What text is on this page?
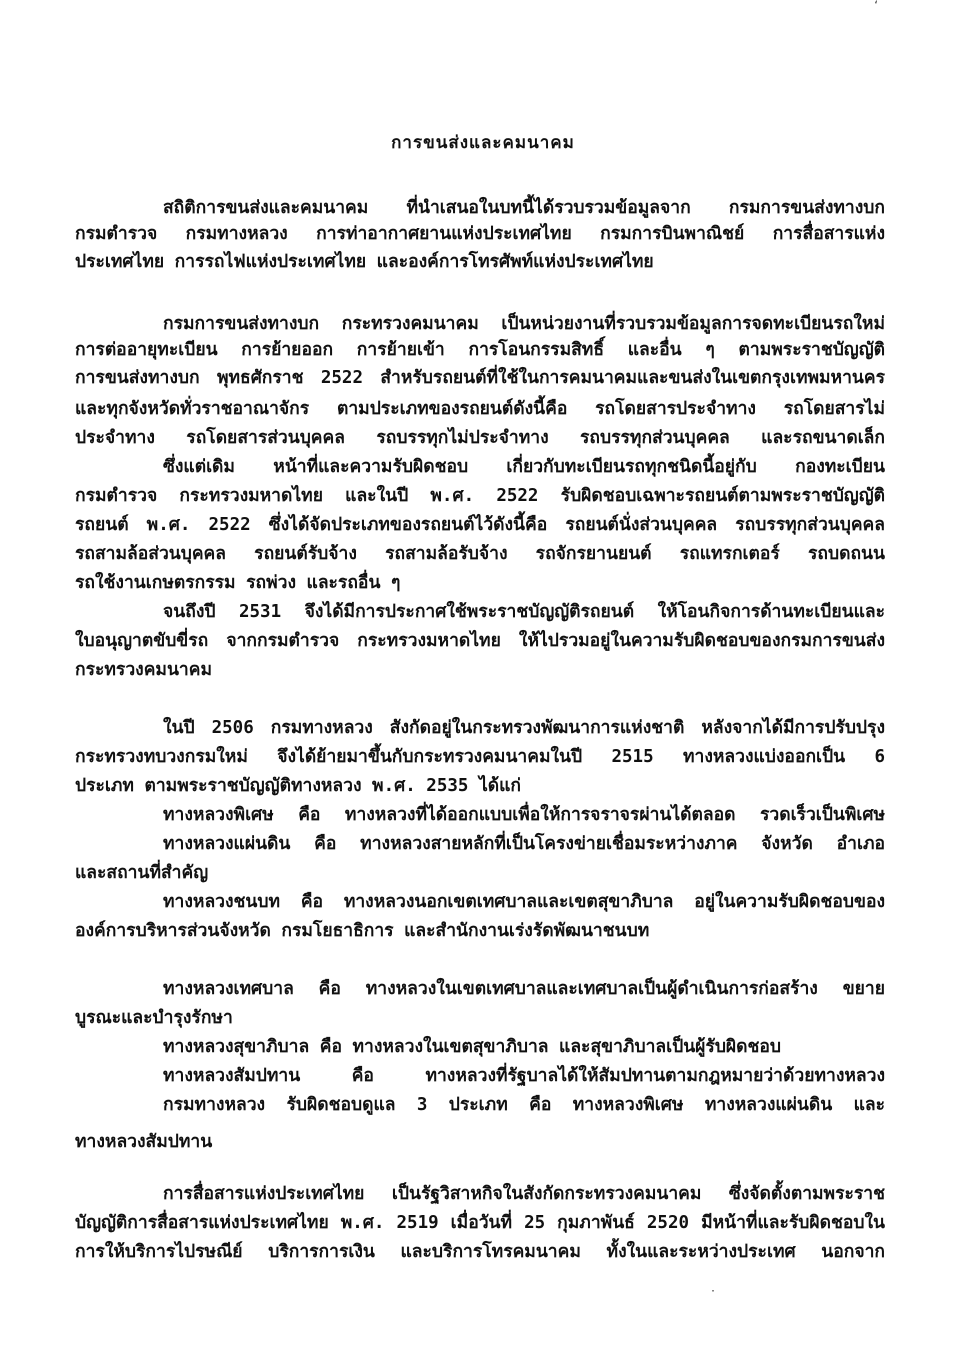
‘
การขนส่งและคมนาคม
สถิติการขนส่งและคมนาคม ที่นำเสนอในบทนี้ได้รวบรวมข้อมูลจาก กรมการขนส่งทางบก
กรมตำรวจ กรมทางหลวง การท่าอากาศยานแห่งประเทศไทย กรมการบินพาณิชย์ การสื่อสารแห่ง
ประเทศไทย การรถไฟแห่งประเทศไทย และองค์การโทรศัพท์แห่งประเทศไทย
กรมการขนส่งทางบก กระทรวงคมนาคม เป็นหน่วยงานที่รวบรวมข้อมูลการจดทะเบียนรถใหม่
การต่ออายุทะเบียน การย้ายออก การย้ายเข้า การโอนกรรมสิทธิ์ และอื่น ๆ ตามพระราชบัญญัติ
การขนส่งทางบก พุทธศักราช 2522 สำหรับรถยนต์ที่ใช้ในการคมนาคมและขนส่งในเขตกรุงเทพมหานคร
และทุกจังหวัดทั่วราชอาณาจักร ตามประเภทของรถยนต์ดังนี้คือ รถโดยสารประจำทาง รถโดยสารไม่
ประจำทาง รถโดยสารส่วนบุคคล รถบรรทุกไม่ประจำทาง รถบรรทุกส่วนบุคคล และรถขนาดเล็ก
ซึ่งแต่เดิม หน้าที่และความรับผิดชอบ เกี่ยวกับทะเบียนรถทุกชนิดนี้อยู่กับ กองทะเบียน
กรมตำรวจ กระทรวงมหาดไทย และในปี พ.ศ. 2522 รับผิดชอบเฉพาะรถยนต์ตามพระราชบัญญัติ
รถยนต์ พ.ศ. 2522 ซึ่งได้จัดประเภทของรถยนต์ไว้ดังนี้คือ รถยนต์นั่งส่วนบุคคล รถบรรทุกส่วนบุคคล
รถสามล้อส่วนบุคคล รถยนต์รับจ้าง รถสามล้อรับจ้าง รถจักรยานยนต์ รถแทรกเตอร์ รถบดถนน
รถใช้งานเกษตรกรรม รถพ่วง และรถอื่น ๆ
จนถึงปี 2531 จึงได้มีการประกาศใช้พระราชบัญญัติรถยนต์ ให้โอนกิจการด้านทะเบียนและ
ใบอนุญาตขับขี่รถ จากกรมตำรวจ กระทรวงมหาดไทย ให้ไปรวมอยู่ในความรับผิดชอบของกรมการขนส่ง
กระทรวงคมนาคม
ในปี 2506 กรมทางหลวง สังกัดอยู่ในกระทรวงพัฒนาการแห่งชาติ หลังจากได้มีการปรับปรุง
กระทรวงทบวงกรมใหม่ จึงได้ย้ายมาขึ้นกับกระทรวงคมนาคมในปี 2515 ทางหลวงแบ่งออกเป็น 6
ประเภท ตามพระราชบัญญัติทางหลวง พ.ศ. 2535 ได้แก่
ทางหลวงพิเศษ คือ ทางหลวงที่ได้ออกแบบเพื่อให้การจราจรผ่านได้ตลอด รวดเร็วเป็นพิเศษ
ทางหลวงแผ่นดิน คือ ทางหลวงสายหลักที่เป็นโครงข่ายเชื่อมระหว่างภาค จังหวัด อำเภอ
และสถานที่สำคัญ
ทางหลวงชนบท คือ ทางหลวงนอกเขตเทศบาลและเขตสุขาภิบาล อยู่ในความรับผิดชอบของ
องค์การบริหารส่วนจังหวัด กรมโยธาธิการ และสำนักงานเร่งรัดพัฒนาชนบท
ทางหลวงเทศบาล คือ ทางหลวงในเขตเทศบาลและเทศบาลเป็นผู้ดำเนินการก่อสร้าง ขยาย
บูรณะและบำรุงรักษา
ทางหลวงสุขาภิบาล คือ ทางหลวงในเขตสุขาภิบาล และสุขาภิบาลเป็นผู้รับผิดชอบ
ทางหลวงสัมปทาน คือ ทางหลวงที่รัฐบาลได้ให้สัมปทานตามกฎหมายว่าด้วยทางหลวง
กรมทางหลวง รับผิดชอบดูแล 3 ประเภท คือ ทางหลวงพิเศษ ทางหลวงแผ่นดิน และ
ทางหลวงสัมปทาน
การสื่อสารแห่งประเทศไทย เป็นรัฐวิสาหกิจในสังกัดกระทรวงคมนาคม ซึ่งจัดตั้งตามพระราช
บัญญัติการสื่อสารแห่งประเทศไทย พ.ศ. 2519 เมื่อวันที่ 25 กุมภาพันธ์ 2520 มีหน้าที่และรับผิดชอบใน
การให้บริการไปรษณีย์ บริการการเงิน และบริการโทรคมนาคม ทั้งในและระหว่างประเทศ นอกจาก
·
